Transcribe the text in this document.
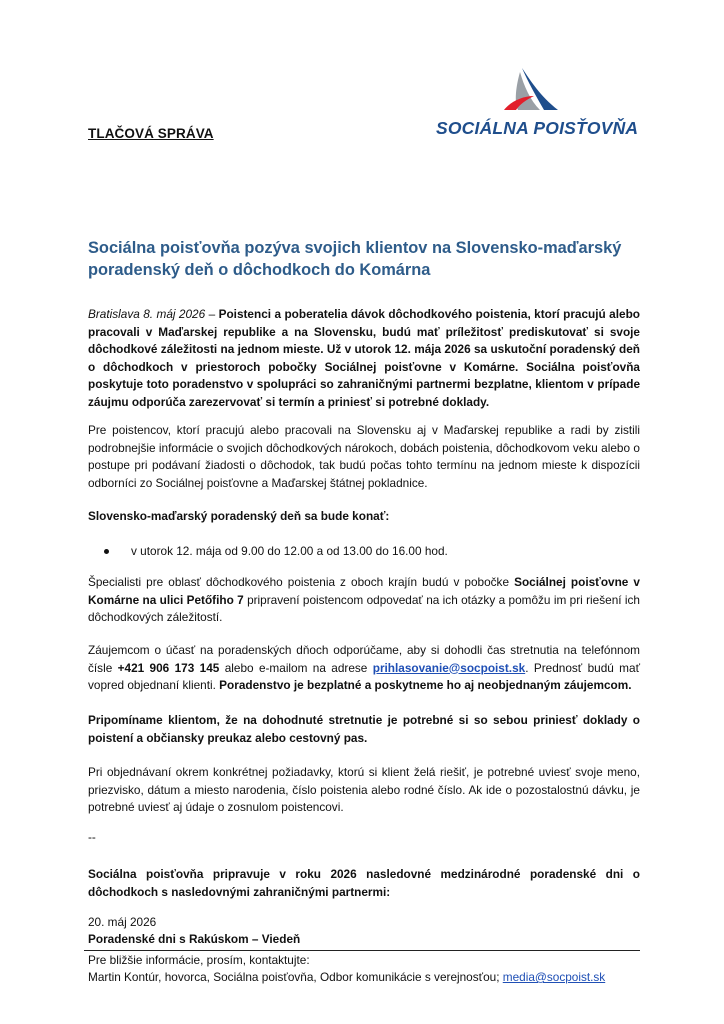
TLAČOVÁ SPRÁVA	SOCIÁLNA POISŤOVŇA
Sociálna poisťovňa pozýva svojich klientov na Slovensko-maďarský poradenský deň o dôchodkoch do Komárna

Bratislava 8. máj 2026 – Poistenci a poberatelia dávok dôchodkového poistenia, ktorí pracujú alebo pracovali v Maďarskej republike a na Slovensku, budú mať príležitosť prediskutovať si svoje dôchodkové záležitosti na jednom mieste. Už v utorok 12. mája 2026 sa uskutoční poradenský deň o dôchodkoch v priestoroch pobočky Sociálnej poisťovne v Komárne. Sociálna poisťovňa poskytuje toto poradenstvo v spolupráci so zahraničnými partnermi bezplatne, klientom v prípade záujmu odporúča zarezervovať si termín a priniesť si potrebné doklady.

Pre poistencov, ktorí pracujú alebo pracovali na Slovensku aj v Maďarskej republike a radi by zistili podrobnejšie informácie o svojich dôchodkových nárokoch, dobách poistenia, dôchodkovom veku alebo o postupe pri podávaní žiadosti o dôchodok, tak budú počas tohto termínu na jednom mieste k dispozícii odborníci zo Sociálnej poisťovne a Maďarskej štátnej pokladnice.

Slovensko-maďarský poradenský deň sa bude konať:
v utorok 12. mája od 9.00 do 12.00 a od 13.00 do 16.00 hod.

Špecialisti pre oblasť dôchodkového poistenia z oboch krajín budú v pobočke Sociálnej poisťovne v Komárne na ulici Petőfiho 7 pripravení poistencom odpovedať na ich otázky a pomôžu im pri riešení ich dôchodkových záležitostí.

Záujemcom o účasť na poradenských dňoch odporúčame, aby si dohodli čas stretnutia na telefónnom čísle +421 906 173 145 alebo e-mailom na adrese prihlasovanie@socpoist.sk. Prednosť budú mať vopred objednaní klienti. Poradenstvo je bezplatné a poskytneme ho aj neobjednaným záujemcom.

Pripomíname klientom, že na dohodnuté stretnutie je potrebné si so sebou priniesť doklady o poistení a občiansky preukaz alebo cestovný pas.
Pri objednávaní okrem konkrétnej požiadavky, ktorú si klient želá riešiť, je potrebné uviesť svoje meno, priezvisko, dátum a miesto narodenia, číslo poistenia alebo rodné číslo. Ak ide o pozostalostnú dávku, je potrebné uviesť aj údaje o zosnulom poistencovi.
--
Sociálna poisťovňa pripravuje v roku 2026 nasledovné medzinárodné poradenské dni o dôchodkoch s nasledovnými zahraničnými partnermi:
20. máj 2026
Poradenské dni s Rakúskom – Viedeň
Pre bližšie informácie, prosím, kontaktujte:
Martin Kontúr, hovorca, Sociálna poisťovňa, Odbor komunikácie s verejnosťou; media@socpoist.sk
